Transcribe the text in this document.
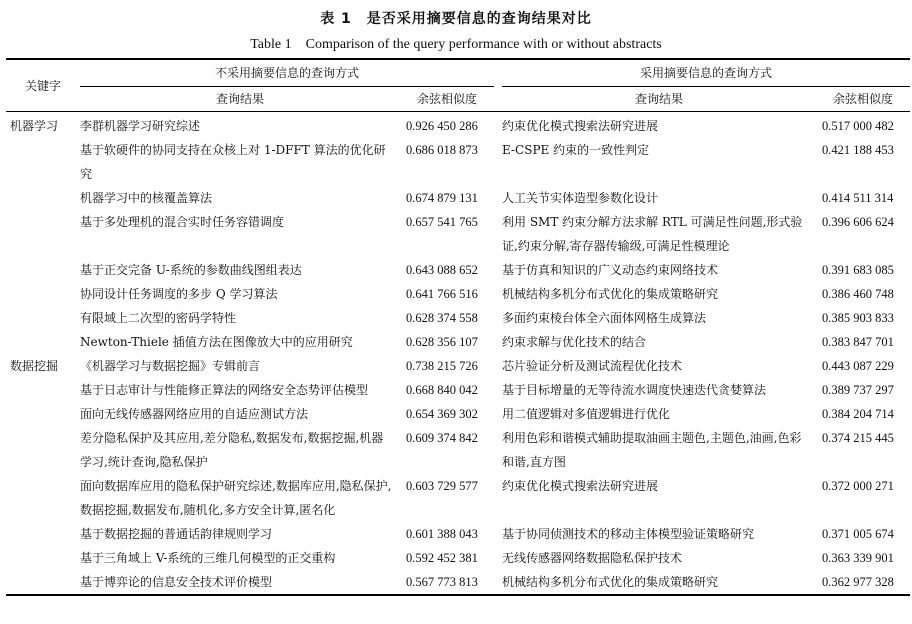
表 1　是否采用摘要信息的查询结果对比
Table 1　Comparison of the query performance with or without abstracts
关键字	不采用摘要信息的查询方式			采用摘要信息的查询方式	
	查询结果	余弦相似度		查询结果	余弦相似度
机器学习	李群机器学习研究综述	0.926 450 286		约束优化模式搜索法研究进展	0.517 000 482
	基于软硬件的协同支持在众核上对 1-DFFT 算法的优化研究	0.686 018 873		E-CSPE 约束的一致性判定	0.421 188 453
	机器学习中的核覆盖算法	0.674 879 131		人工关节实体造型参数化设计	0.414 511 314
	基于多处理机的混合实时任务容错调度	0.657 541 765		利用 SMT 约束分解方法求解 RTL 可满足性问题,形式验证,约束分解,寄存器传输级,可满足性模理论	0.396 606 624
	基于正交完备 U-系统的参数曲线图组表达	0.643 088 652		基于仿真和知识的广义动态约束网络技术	0.391 683 085
	协同设计任务调度的多步 Q 学习算法	0.641 766 516		机械结构多机分布式优化的集成策略研究	0.386 460 748
	有限域上二次型的密码学特性	0.628 374 558		多面约束棱台体全六面体网格生成算法	0.385 903 833
	Newton-Thiele 插值方法在图像放大中的应用研究	0.628 356 107		约束求解与优化技术的结合	0.383 847 701
数据挖掘	《机器学习与数据挖掘》专辑前言	0.738 215 726		芯片验证分析及测试流程优化技术	0.443 087 229
	基于日志审计与性能修正算法的网络安全态势评估模型	0.668 840 042		基于目标增量的无等待流水调度快速迭代贪婪算法	0.389 737 297
	面向无线传感器网络应用的自适应测试方法	0.654 369 302		用二值逻辑对多值逻辑进行优化	0.384 204 714
	差分隐私保护及其应用,差分隐私,数据发布,数据挖掘,机器学习,统计查询,隐私保护	0.609 374 842		利用色彩和谐模式辅助提取油画主题色,主题色,油画,色彩和谐,直方图	0.374 215 445
	面向数据库应用的隐私保护研究综述,数据库应用,隐私保护,数据挖掘,数据发布,随机化,多方安全计算,匿名化	0.603 729 577		约束优化模式搜索法研究进展	0.372 000 271
	基于数据挖掘的普通话韵律规则学习	0.601 388 043		基于协同侦测技术的移动主体模型验证策略研究	0.371 005 674
	基于三角域上 V-系统的三维几何模型的正交重构	0.592 452 381		无线传感器网络数据隐私保护技术	0.363 339 901
	基于博弈论的信息安全技术评价模型	0.567 773 813		机械结构多机分布式优化的集成策略研究	0.362 977 328
